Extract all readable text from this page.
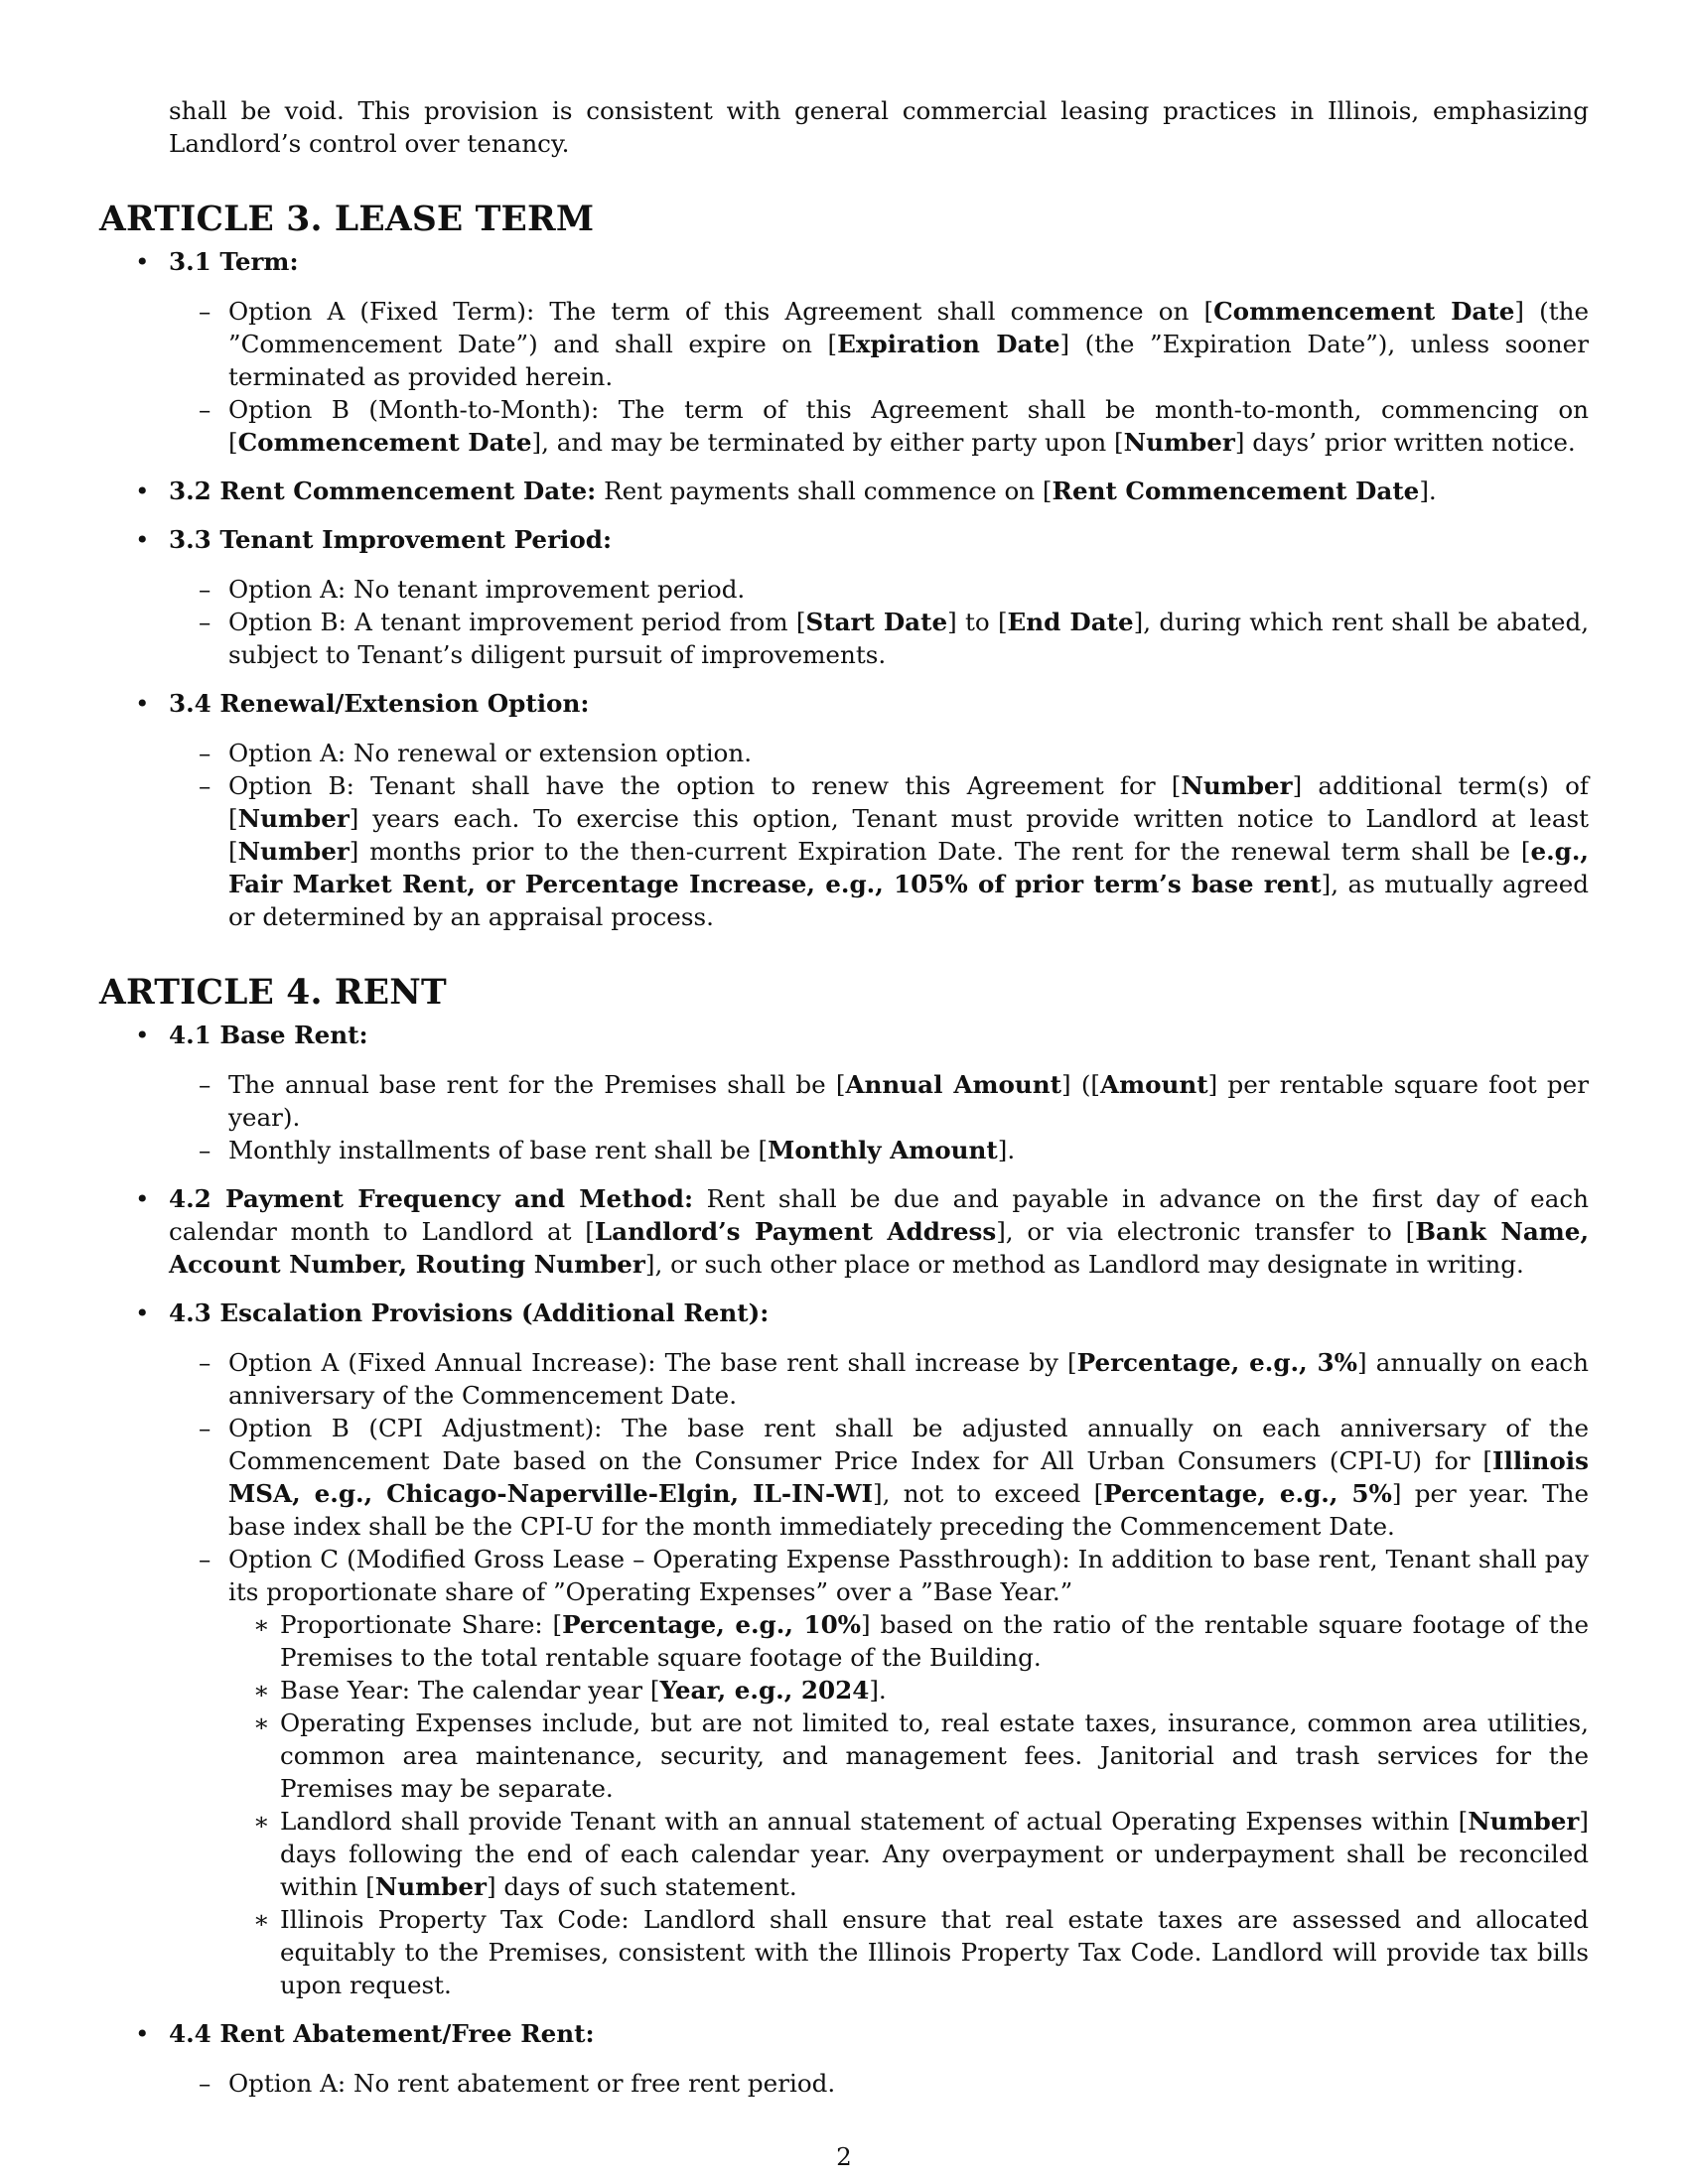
shall be void. This provision is consistent with general commercial leasing practices in Illinois, emphasizing Landlord’s control over tenancy.

ARTICLE 3. LEASE TERM
• 3.1 Term:
– Option A (Fixed Term): The term of this Agreement shall commence on [Commencement Date] (the ”Commencement Date”) and shall expire on [Expiration Date] (the ”Expiration Date”), unless sooner terminated as provided herein.
– Option B (Month-to-Month): The term of this Agreement shall be month-to-month, commencing on [Commencement Date], and may be terminated by either party upon [Number] days’ prior written notice.
• 3.2 Rent Commencement Date: Rent payments shall commence on [Rent Commencement Date].
• 3.3 Tenant Improvement Period:
– Option A: No tenant improvement period.
– Option B: A tenant improvement period from [Start Date] to [End Date], during which rent shall be abated, subject to Tenant’s diligent pursuit of improvements.
• 3.4 Renewal/Extension Option:
– Option A: No renewal or extension option.
– Option B: Tenant shall have the option to renew this Agreement for [Number] additional term(s) of [Number] years each. To exercise this option, Tenant must provide written notice to Landlord at least [Number] months prior to the then-current Expiration Date. The rent for the renewal term shall be [e.g., Fair Market Rent, or Percentage Increase, e.g., 105% of prior term’s base rent], as mutually agreed or determined by an appraisal process.
ARTICLE 4. RENT
• 4.1 Base Rent:
– The annual base rent for the Premises shall be [Annual Amount] ([Amount] per rentable square foot per year).
– Monthly installments of base rent shall be [Monthly Amount].
• 4.2 Payment Frequency and Method: Rent shall be due and payable in advance on the first day of each calendar month to Landlord at [Landlord’s Payment Address], or via electronic transfer to [Bank Name, Account Number, Routing Number], or such other place or method as Landlord may designate in writing.
• 4.3 Escalation Provisions (Additional Rent):
– Option A (Fixed Annual Increase): The base rent shall increase by [Percentage, e.g., 3%] annually on each anniversary of the Commencement Date.
– Option B (CPI Adjustment): The base rent shall be adjusted annually on each anniversary of the Commencement Date based on the Consumer Price Index for All Urban Consumers (CPI-U) for [Illinois MSA, e.g., Chicago-Naperville-Elgin, IL-IN-WI], not to exceed [Percentage, e.g., 5%] per year. The base index shall be the CPI-U for the month immediately preceding the Commencement Date.
– Option C (Modified Gross Lease – Operating Expense Passthrough): In addition to base rent, Tenant shall pay its proportionate share of ”Operating Expenses” over a ”Base Year.”
∗ Proportionate Share: [Percentage, e.g., 10%] based on the ratio of the rentable square footage of the Premises to the total rentable square footage of the Building.
∗ Base Year: The calendar year [Year, e.g., 2024].
∗ Operating Expenses include, but are not limited to, real estate taxes, insurance, common area utilities, common area maintenance, security, and management fees. Janitorial and trash services for the Premises may be separate.
∗ Landlord shall provide Tenant with an annual statement of actual Operating Expenses within [Number] days following the end of each calendar year. Any overpayment or underpayment shall be reconciled within [Number] days of such statement.
∗ Illinois Property Tax Code: Landlord shall ensure that real estate taxes are assessed and allocated equitably to the Premises, consistent with the Illinois Property Tax Code. Landlord will provide tax bills upon request.
• 4.4 Rent Abatement/Free Rent:
– Option A: No rent abatement or free rent period.
2
